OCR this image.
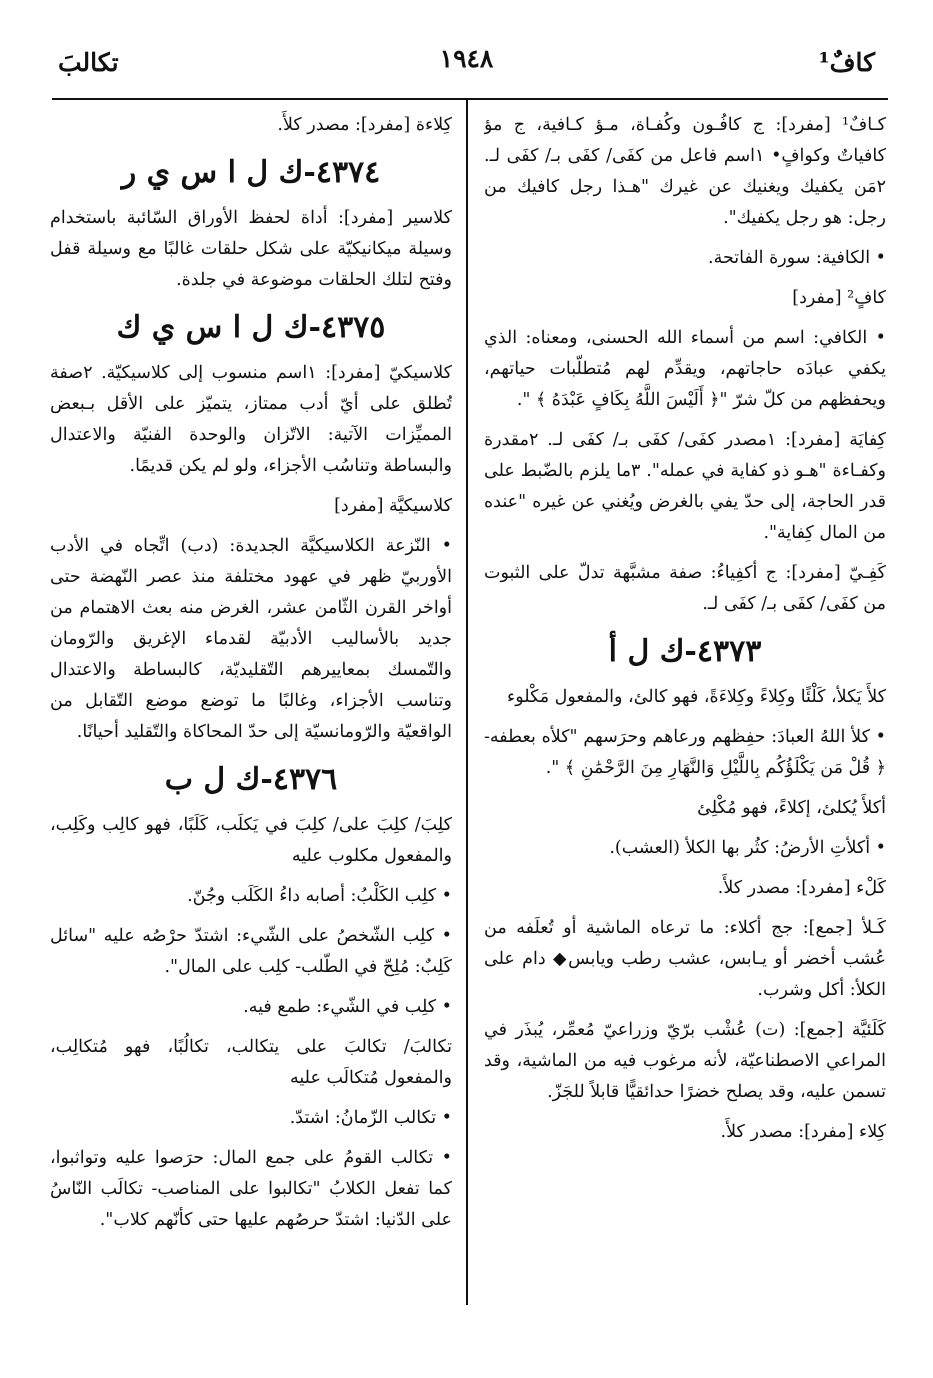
كافٌ¹
١٩٤٨
تكالبَ

كـافٌ¹ [مفرد]: ج كافُـون وكُفـاة، مـؤ كـافية، ج مؤ كافياتٌ وكوافٍ• ١اسم فاعل من كفَى/ كفَى بـ/ كفَى لـ. ٢مَن يكفيك ويغنيك عن غيرك "هـذا رجل كافيك من رجل: هو رجل يكفيك".

• الكافية: سورة الفاتحة.

كافٍ² [مفرد]

• الكافي: اسم من أسماء الله الحسنى، ومعناه: الذي يكفي عبادَه حاجاتهم، ويقدِّم لهم مُتطلّبات حياتهم، ويحفظهم من كلّ شرّ "﴿ أَلَيْسَ اللَّهُ بِكَافٍ عَبْدَهُ ﴾ ".

كِفايَة [مفرد]: ١مصدر كفَى/ كفَى بـ/ كفَى لـ. ٢مقدرة وكفـاءة "هـو ذو كفاية في عمله". ٣ما يلزم بالضّبط على قدر الحاجة، إلى حدّ يفي بالغرض ويُغني عن غيره "عنده من المال كِفاية".

كَفِـيّ [مفرد]: ج أكفِياءُ: صفة مشبَّهة تدلّ على الثبوت من كفَى/ كفَى بـ/ كفَى لـ.

٤٣٧٣-ك ل أ

كلأَ يَكلأ، كَلْئًا وكِلاءً وكِلاءَةً، فهو كالئ، والمفعول مَكْلوء

• كلأ اللهُ العبادَ: حفِظهم ورعاهم وحرَسهم "كلأه بعطفه- ﴿ قُلْ مَن يَكْلَؤُكُم بِاللَّيْلِ وَالنَّهَارِ مِنَ الرَّحْمَٰنِ ﴾ ".

أكلأَ يُكلئ، إكلاءً، فهو مُكْلِئ

• أكلأتِ الأرضُ: كثُر بها الكلأ (العشب).

كَلْء [مفرد]: مصدر كلأَ.

كَـلأ [جمع]: جج أكلاء: ما ترعاه الماشية أو تُعلَفه من عُشب أخضر أو يـابس، عشب رطب ويابس◆ دام على الكلأ: أكل وشرب.

كَلَئيَّة [جمع]: (ت) عُشْب برّيّ وزراعيّ مُعمِّر، يُبذَر في المراعي الاصطناعيّة، لأنه مرغوب فيه من الماشية، وقد تسمن عليه، وقد يصلح خضرًا حدائقيًّا قابلاً للجَزّ.

كِلاء [مفرد]: مصدر كلأَ.

كِلاءة [مفرد]: مصدر كلأَ.

٤٣٧٤-ك ل ا س ي ر

كلاسير [مفرد]: أداة لحفظ الأوراق السّائبة باستخدام وسيلة ميكانيكيّة على شكل حلقات غالبًا مع وسيلة قفل وفتح لتلك الحلقات موضوعة في جلدة.

٤٣٧٥-ك ل ا س ي ك

كلاسيكيّ [مفرد]: ١اسم منسوب إلى كلاسيكيّة. ٢صفة تُطلق على أيّ أدب ممتاز، يتميّز على الأقل بـبعض المميِّزات الآتية: الاتّزان والوحدة الفنيّة والاعتدال والبساطة وتناسُب الأجزاء، ولو لم يكن قديمًا.

كلاسيكيَّة [مفرد]

• النّزعة الكلاسيكيَّة الجديدة: (دب) اتِّجاه في الأدب الأوربيّ ظهر في عهود مختلفة منذ عصر النّهضة حتى أواخر القرن الثّامن عشر، الغرض منه بعث الاهتمام من جديد بالأساليب الأدبيّة لقدماء الإغريق والرّومان والتّمسك بمعاييرهم التّقليديّة، كالبساطة والاعتدال وتناسب الأجزاء، وغالبًا ما توضع موضع التّقابل من الواقعيّة والرّومانسيّة إلى حدّ المحاكاة والتّقليد أحيانًا.

٤٣٧٦-ك ل ب

كلِبَ/ كلِبَ على/ كلِبَ في يَكلَب، كَلَبًا، فهو كالِب وكَلِب، والمفعول مكلوب عليه

• كلِب الكَلْبُ: أصابه داءُ الكَلَب وجُنّ.

• كلِب الشّخصُ على الشّيء: اشتدّ حرْصُه عليه "سائل كَلِبٌ: مُلِحّ في الطّلب- كلِب على المال".

• كلِب في الشّيء: طمع فيه.

تكالبَ/ تكالبَ على يتكالب، تكالُبًا، فهو مُتكالِب، والمفعول مُتكالَب عليه

• تكالب الزّمانُ: اشتدّ.

• تكالب القومُ على جمع المال: حرَصوا عليه وتواثبوا، كما تفعل الكلابُ "تكالبوا على المناصب- تكالَب النّاسُ على الدّنيا: اشتدّ حرصُهم عليها حتى كأنّهم كلاب".
